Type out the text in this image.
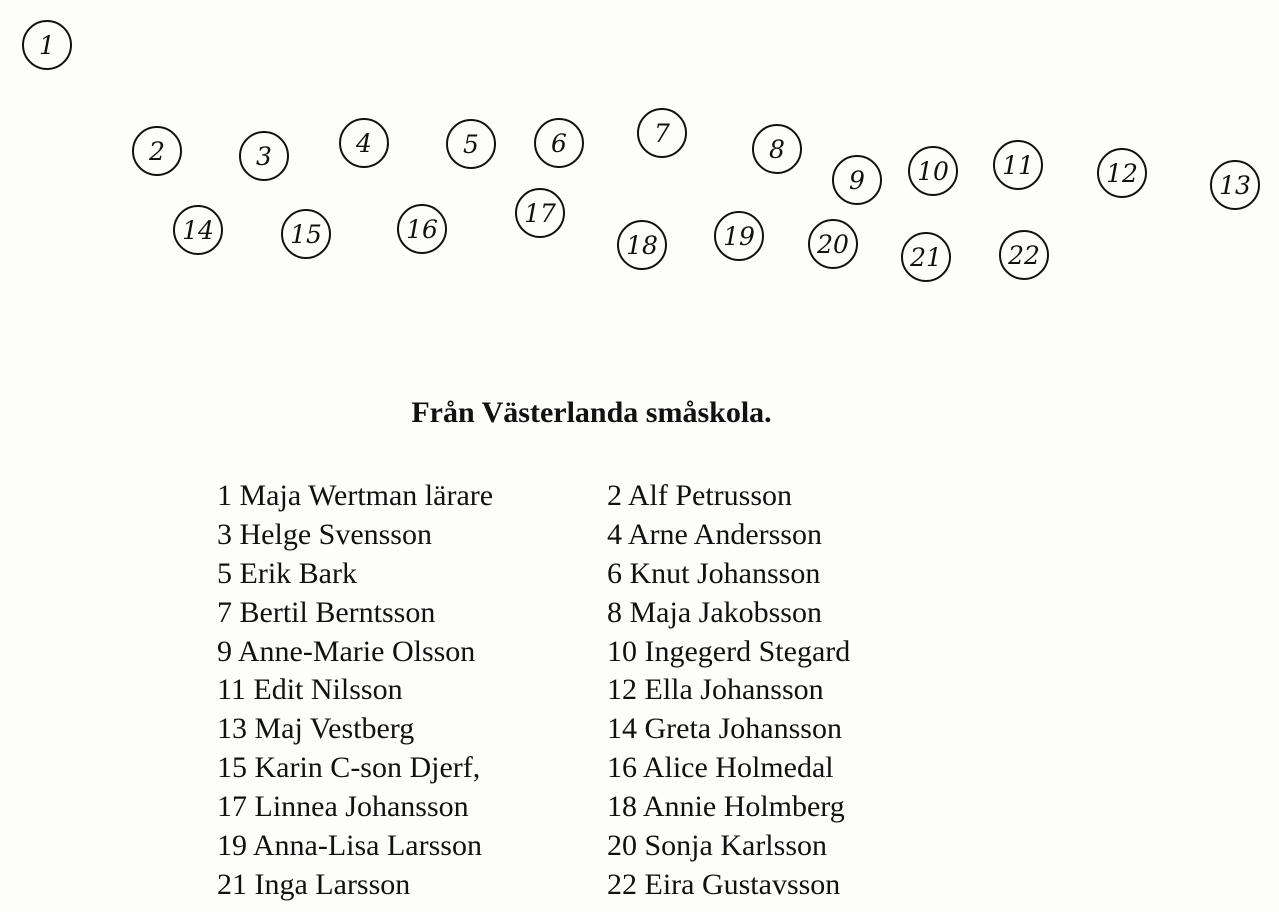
1
2	3	4	5	6	7
8
9 10 11	12	13
14	15	16
17
18	19 20 21	22
Från Västerlanda småskola.
1 Maja Wertman lärare	2 Alf Petrusson
3 Helge Svensson	4 Arne Andersson
5 Erik Bark	6 Knut Johansson
7 Bertil Berntsson	8 Maja Jakobsson
9 Anne-Marie Olsson	10 Ingegerd Stegard
11 Edit Nilsson	12 Ella Johansson
13 Maj Vestberg	14 Greta Johansson
15 Karin C-son Djerf,	16 Alice Holmedal
17 Linnea Johansson	18 Annie Holmberg
19 Anna-Lisa Larsson	20 Sonja Karlsson
21 Inga Larsson	22 Eira Gustavsson
